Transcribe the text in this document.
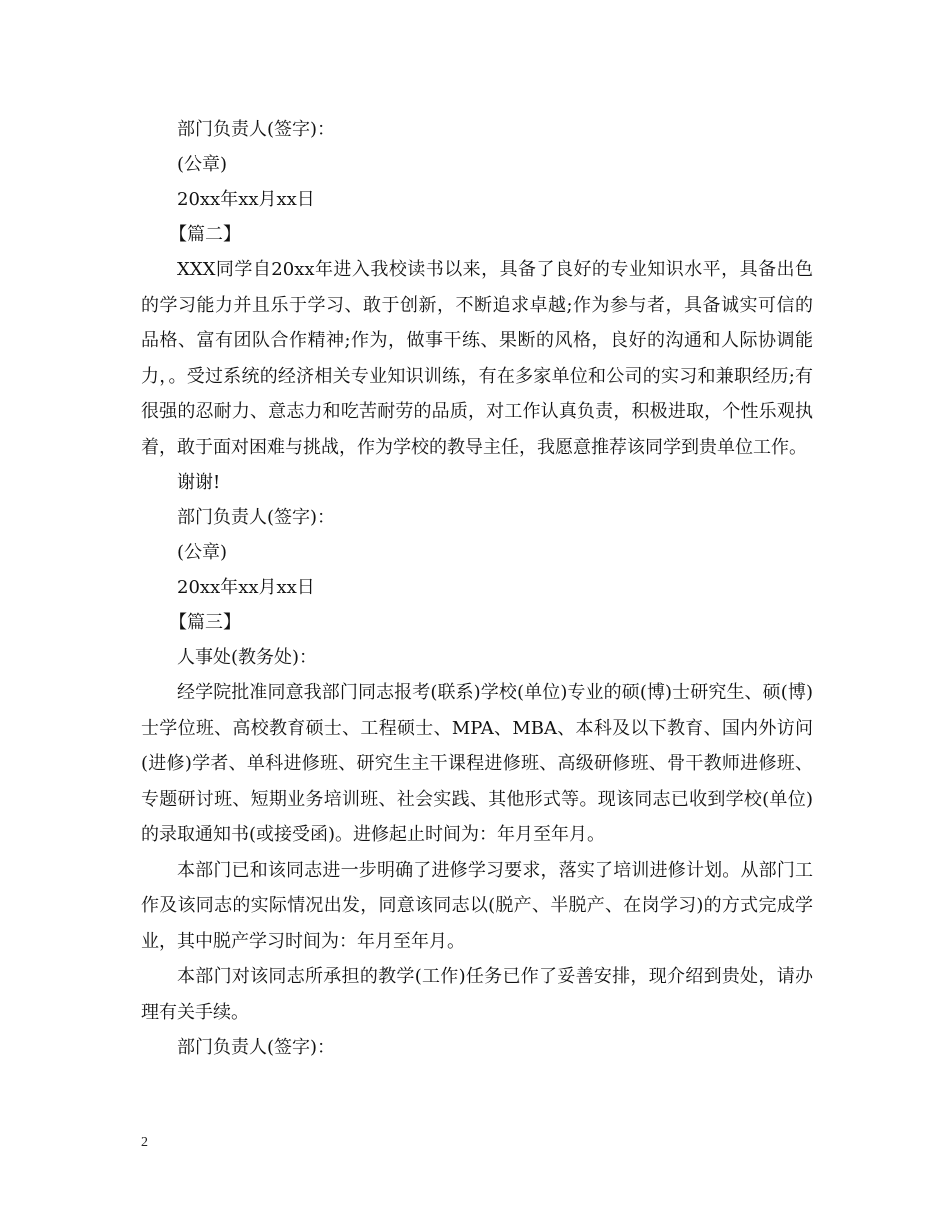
部门负责人(签字)：
(公章)
20xx年xx月xx日
【篇二】

XXX同学自20xx年进入我校读书以来，具备了良好的专业知识水平，具备出色的学习能力并且乐于学习、敢于创新，不断追求卓越;作为参与者，具备诚实可信的品格、富有团队合作精神;作为，做事干练、果断的风格，良好的沟通和人际协调能力，。受过系统的经济相关专业知识训练，有在多家单位和公司的实习和兼职经历;有很强的忍耐力、意志力和吃苦耐劳的品质，对工作认真负责，积极进取，个性乐观执着，敢于面对困难与挑战，作为学校的教导主任，我愿意推荐该同学到贵单位工作。

谢谢!
部门负责人(签字)：
(公章)
20xx年xx月xx日
【篇三】
人事处(教务处)：

经学院批准同意我部门同志报考(联系)学校(单位)专业的硕(博)士研究生、硕(博)士学位班、高校教育硕士、工程硕士、MPA、MBA、本科及以下教育、国内外访问(进修)学者、单科进修班、研究生主干课程进修班、高级研修班、骨干教师进修班、专题研讨班、短期业务培训班、社会实践、其他形式等。现该同志已收到学校(单位)的录取通知书(或接受函)。进修起止时间为：年月至年月。

本部门已和该同志进一步明确了进修学习要求，落实了培训进修计划。从部门工作及该同志的实际情况出发，同意该同志以(脱产、半脱产、在岗学习)的方式完成学业，其中脱产学习时间为：年月至年月。

本部门对该同志所承担的教学(工作)任务已作了妥善安排，现介绍到贵处，请办理有关手续。

部门负责人(签字)：
2
